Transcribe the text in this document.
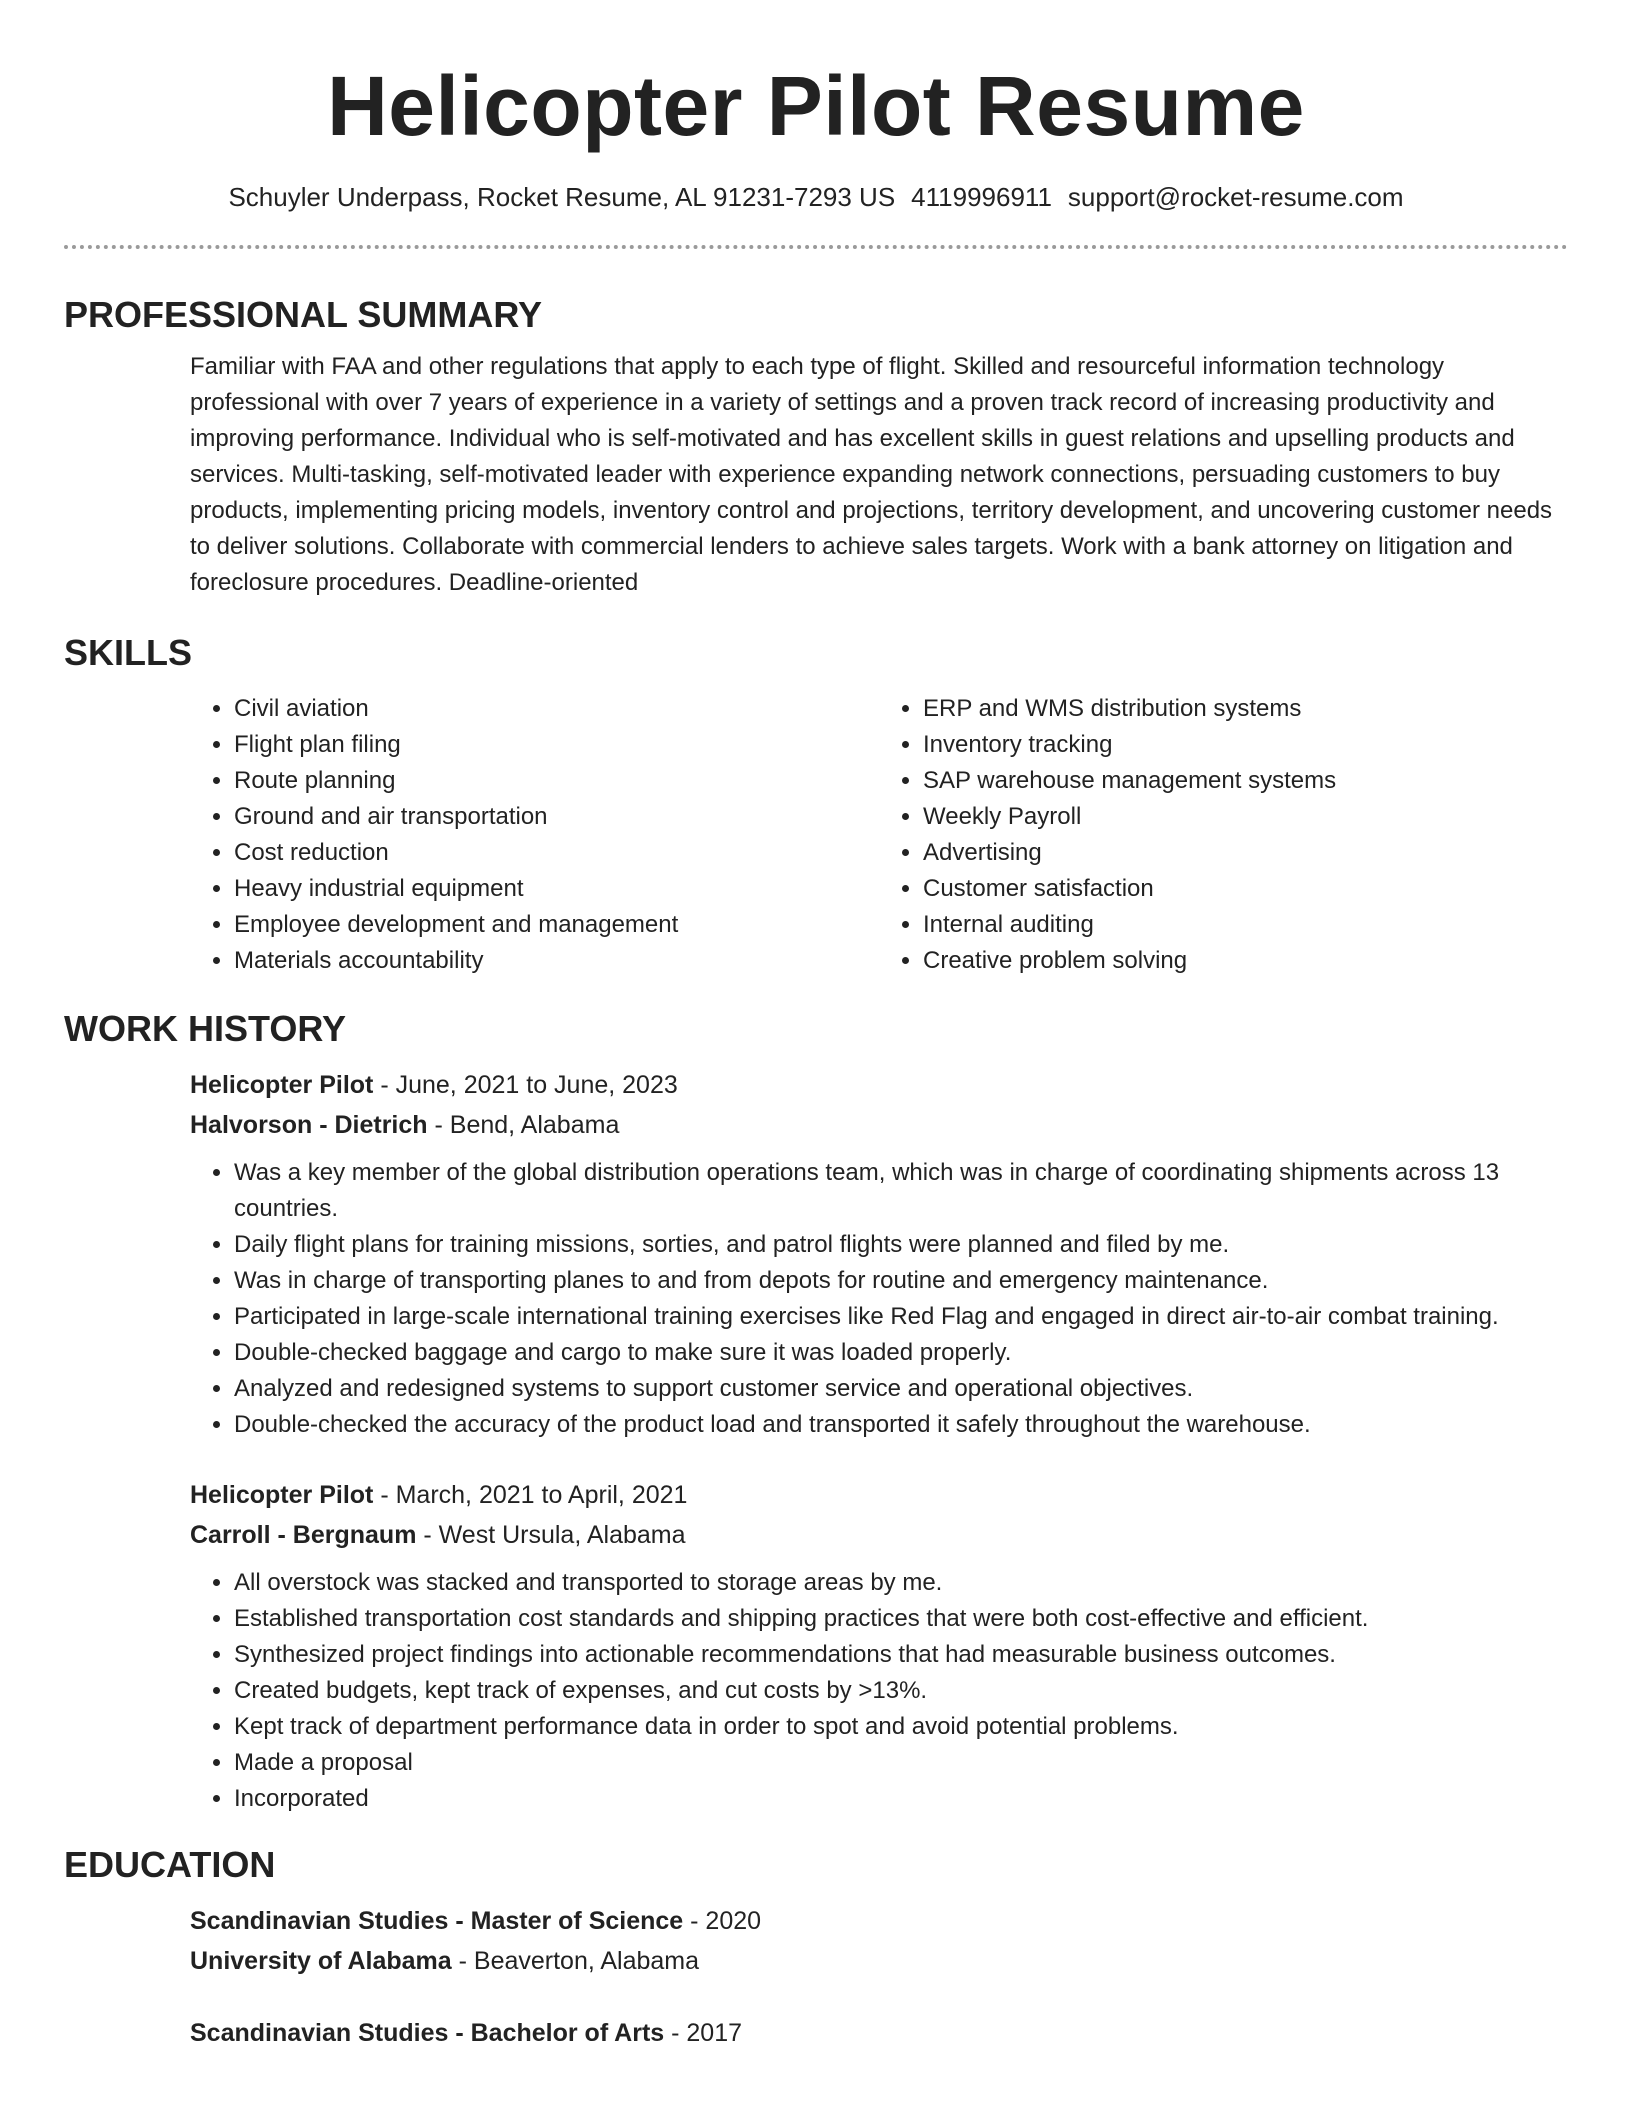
Helicopter Pilot Resume
Schuyler Underpass, Rocket Resume, AL 91231-7293 US 4119996911 support@rocket-resume.com
PROFESSIONAL SUMMARY
Familiar with FAA and other regulations that apply to each type of flight. Skilled and resourceful information technology professional with over 7 years of experience in a variety of settings and a proven track record of increasing productivity and improving performance. Individual who is self-motivated and has excellent skills in guest relations and upselling products and services. Multi-tasking, self-motivated leader with experience expanding network connections, persuading customers to buy products, implementing pricing models, inventory control and projections, territory development, and uncovering customer needs to deliver solutions. Collaborate with commercial lenders to achieve sales targets. Work with a bank attorney on litigation and foreclosure procedures. Deadline-oriented
SKILLS
• Civil aviation
• Flight plan filing
• Route planning
• Ground and air transportation
• Cost reduction
• Heavy industrial equipment
• Employee development and management
• Materials accountability
• ERP and WMS distribution systems
• Inventory tracking
• SAP warehouse management systems
• Weekly Payroll
• Advertising
• Customer satisfaction
• Internal auditing
• Creative problem solving
WORK HISTORY
Helicopter Pilot - June, 2021 to June, 2023
Halvorson - Dietrich - Bend, Alabama
• Was a key member of the global distribution operations team, which was in charge of coordinating shipments across 13 countries.
• Daily flight plans for training missions, sorties, and patrol flights were planned and filed by me.
• Was in charge of transporting planes to and from depots for routine and emergency maintenance.
• Participated in large-scale international training exercises like Red Flag and engaged in direct air-to-air combat training.
• Double-checked baggage and cargo to make sure it was loaded properly.
• Analyzed and redesigned systems to support customer service and operational objectives.
• Double-checked the accuracy of the product load and transported it safely throughout the warehouse.
Helicopter Pilot - March, 2021 to April, 2021
Carroll - Bergnaum - West Ursula, Alabama
• All overstock was stacked and transported to storage areas by me.
• Established transportation cost standards and shipping practices that were both cost-effective and efficient.
• Synthesized project findings into actionable recommendations that had measurable business outcomes.
• Created budgets, kept track of expenses, and cut costs by >13%.
• Kept track of department performance data in order to spot and avoid potential problems.
• Made a proposal
• Incorporated
EDUCATION
Scandinavian Studies - Master of Science - 2020
University of Alabama - Beaverton, Alabama
Scandinavian Studies - Bachelor of Arts - 2017
